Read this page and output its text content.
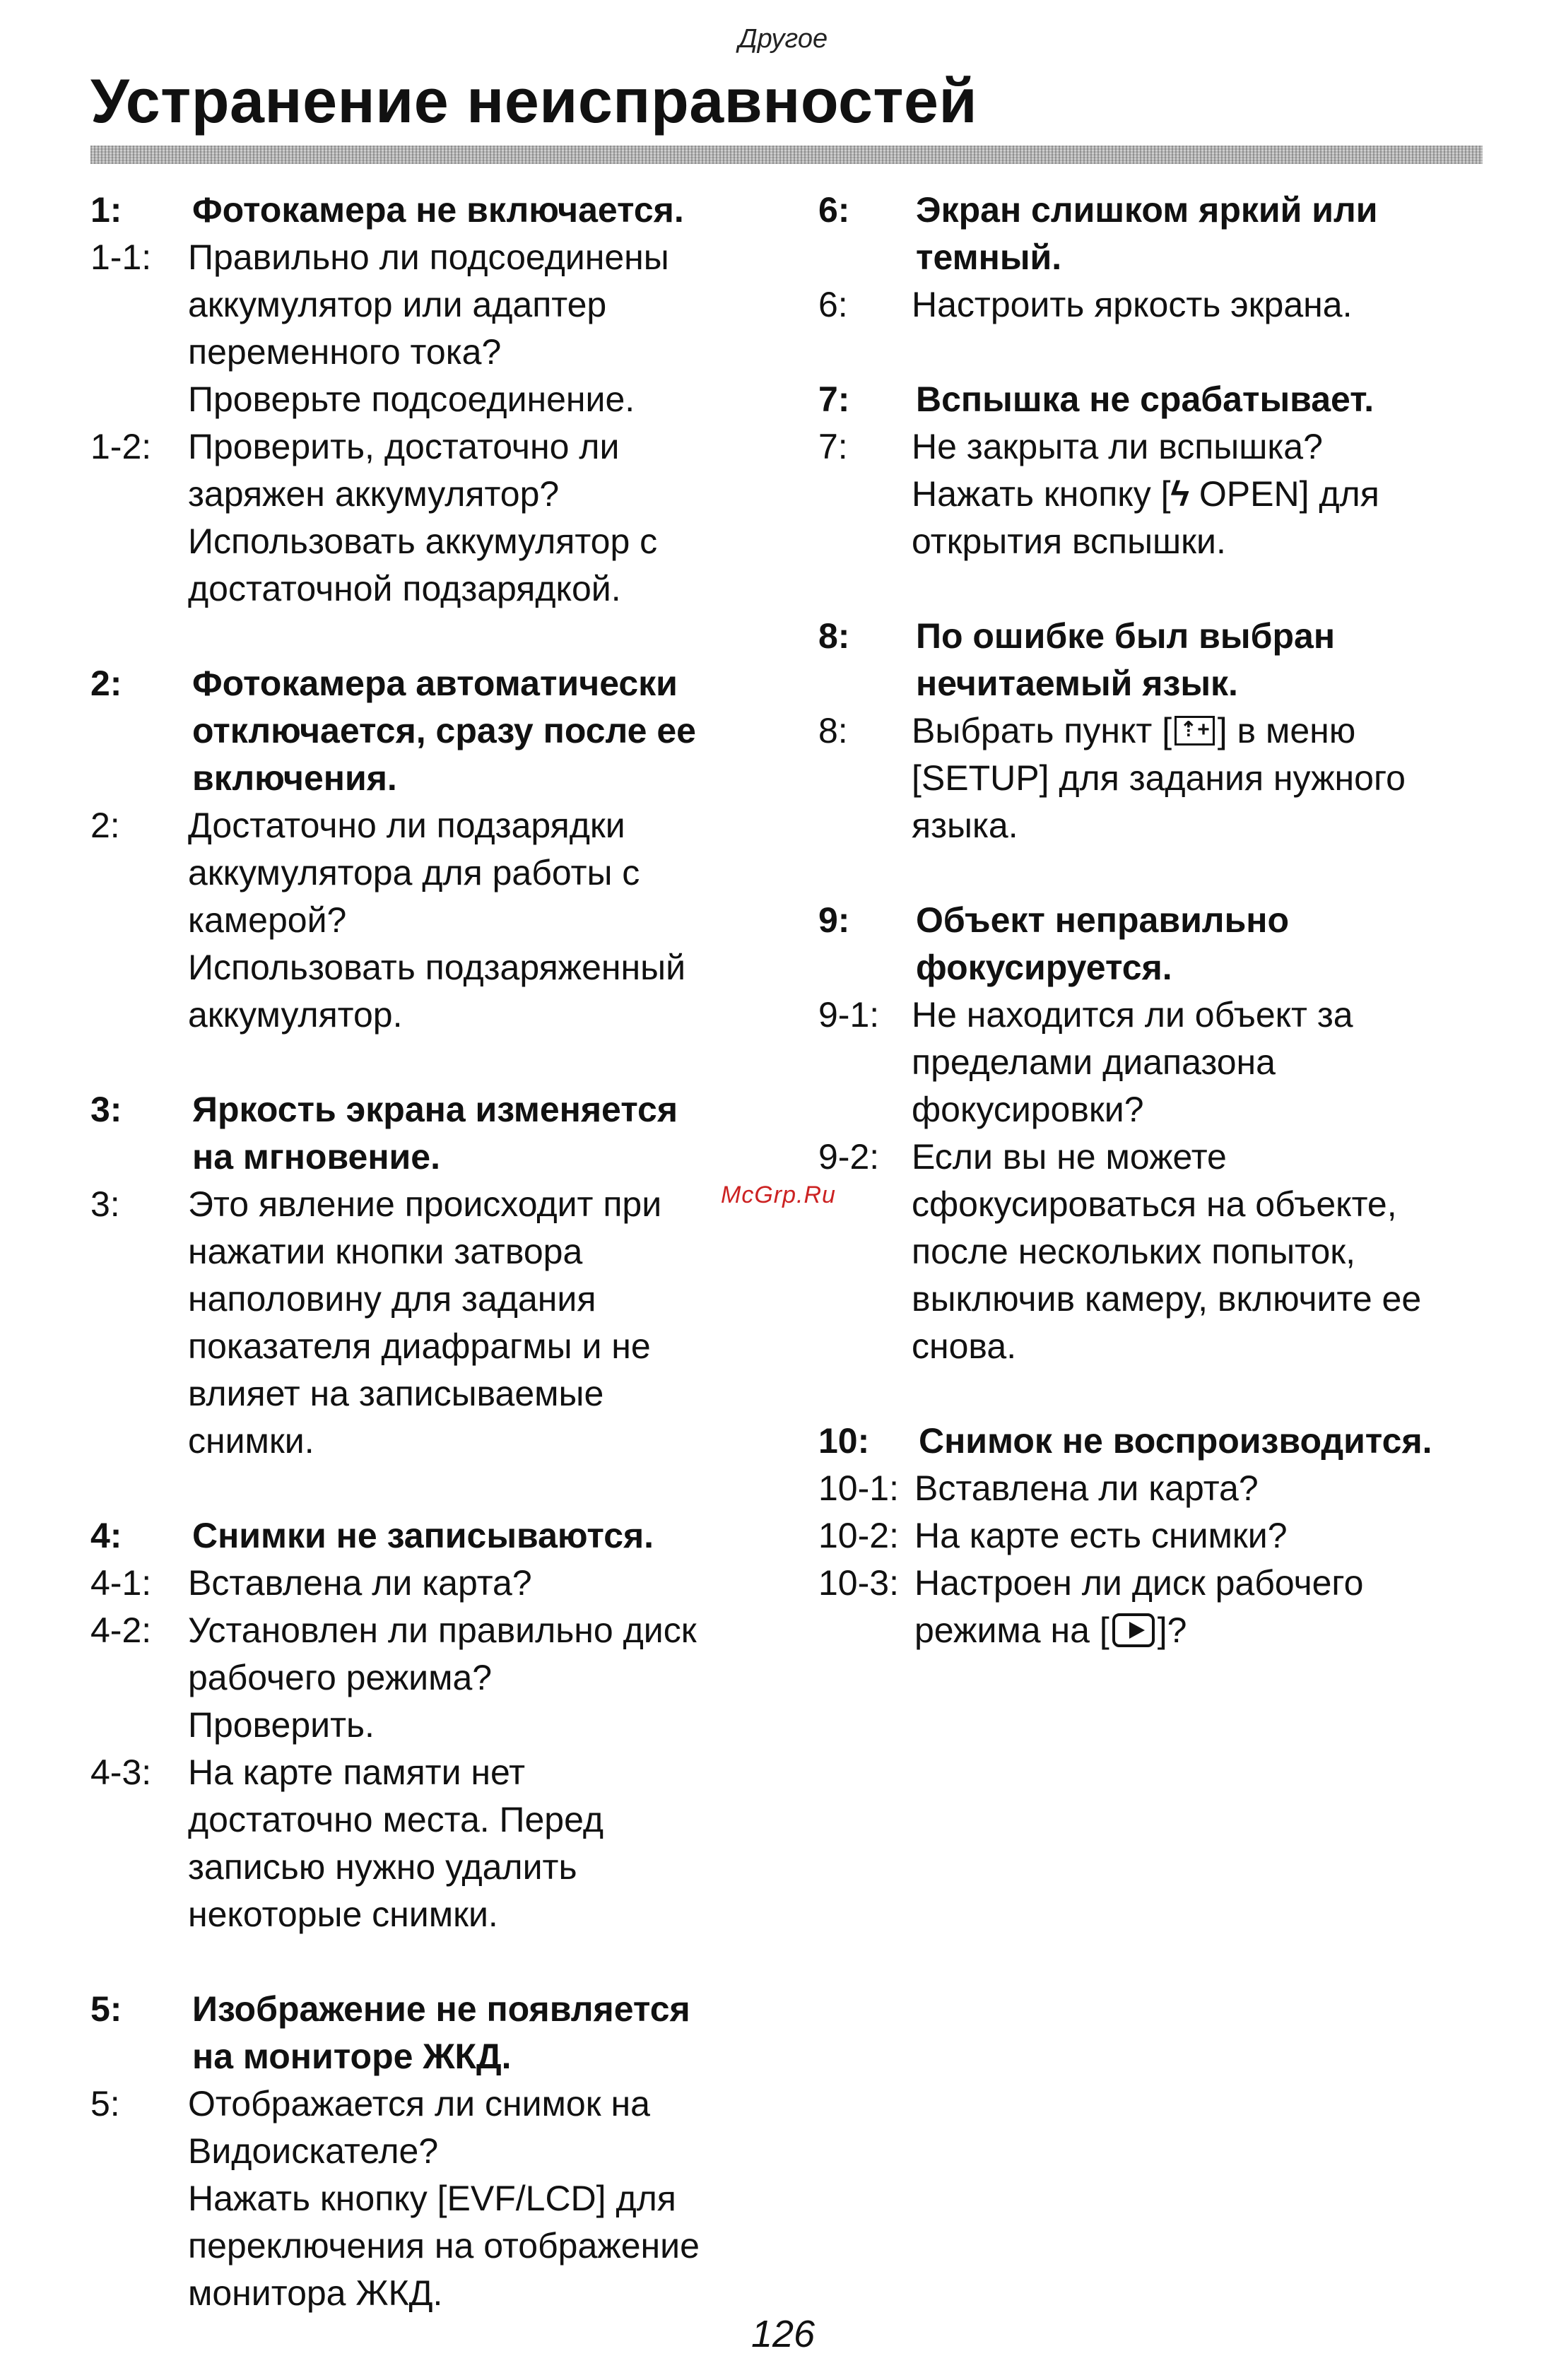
Другое
Устранение неисправностей
1:	Фотокамера не включается.
1-1:	Правильно ли подсоединены
аккумулятор или адаптер
переменного тока?
Проверьте подсоединение.
1-2:	Проверить, достаточно ли
заряжен аккумулятор?
Использовать аккумулятор с
достаточной подзарядкой.
2:	Фотокамера автоматически
отключается, сразу после ее
включения.
2:	Достаточно ли подзарядки
аккумулятора для работы с
камерой?
Использовать подзаряженный
аккумулятор.
3:	Яркость экрана изменяется
на мгновение.
3:	Это явление происходит при
нажатии кнопки затвора
наполовину для задания
показателя диафрагмы и не
влияет на записываемые
снимки.
4:	Снимки не записываются.
4-1:	Вставлена ли карта?
4-2:	Установлен ли правильно диск
рабочего режима?
Проверить.
4-3:	На карте памяти нет
достаточно места. Перед
записью нужно удалить
некоторые снимки.
5:	Изображение не появляется
на мониторе ЖКД.
5:	Отображается ли снимок на
Видоискателе?
Нажать кнопку [EVF/LCD] для
переключения на отображение
монитора ЖКД.
6:	Экран слишком яркий или
темный.
6:	Настроить яркость экрана.
7:	Вспышка не срабатывает.
7:	Не закрыта ли вспышка?
Нажать кнопку [ϟ OPEN] для
открытия вспышки.
8:	По ошибке был выбран
нечитаемый язык.
8:	Выбрать пункт [ ⇡+ ] в меню
[SETUP] для задания нужного
языка.
9:	Объект неправильно
фокусируется.
9-1: Не находится ли объект за
пределами диапазона
фокусировки?
9-2: Если вы не можете
сфокусироваться на объекте,
после нескольких попыток,
выключив камеру, включите ее
снова.
10:	Снимок не воспроизводится.
10-1: Вставлена ли карта?
10-2: На карте есть снимки?
10-3: Настроен ли диск рабочего
режима на [ ]?
McGrp.Ru
126
